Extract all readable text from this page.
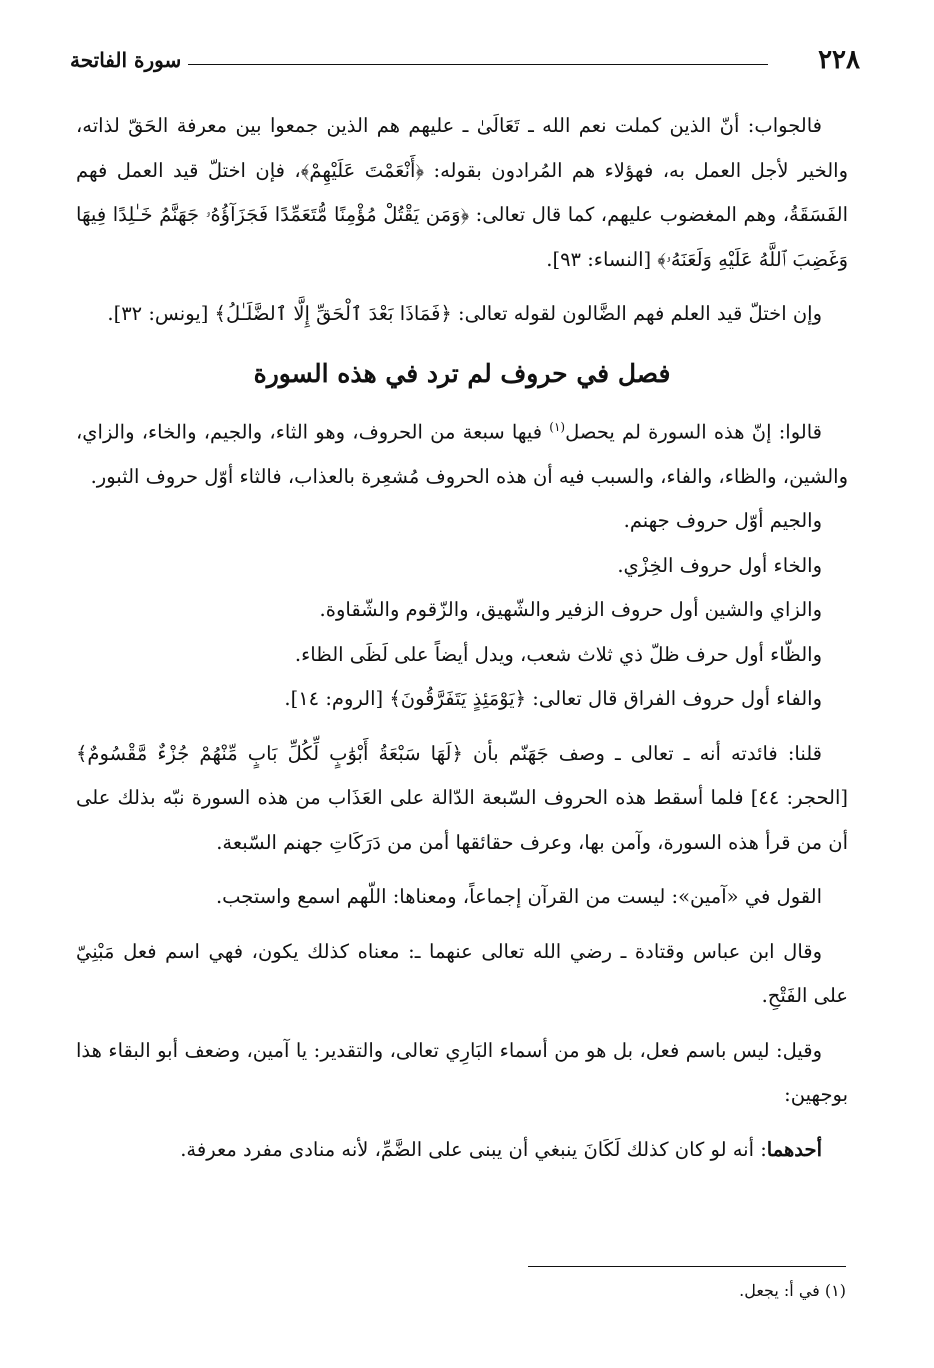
٢٢٨
سورة الفاتحة

فالجواب: أنّ الذين كملت نعم الله ـ تَعَالَىٰ ـ عليهم هم الذين جمعوا بين معرفة الحَقّ لذاته، والخير لأجل العمل به، فهؤلاء هم المُرادون بقوله: ﴿أَنْعَمْتَ عَلَيْهِمْ﴾، فإن اختلّ قيد العمل فهم الفَسَقَةُ، وهم المغضوب عليهم، كما قال تعالى: ﴿وَمَن يَقْتُلْ مُؤْمِنًا مُّتَعَمِّدًا فَجَزَآؤُهُۥ جَهَنَّمُ خَـٰلِدًا فِيهَا وَغَضِبَ ٱللَّهُ عَلَيْهِ وَلَعَنَهُۥ﴾ [النساء: ٩٣].

وإن اختلّ قيد العلم فهم الضَّالون لقوله تعالى: ﴿فَمَاذَا بَعْدَ ٱلْحَقِّ إِلَّا ٱلضَّلَـٰلُ﴾ [يونس: ٣٢].

فصل في حروف لم ترد في هذه السورة

قالوا: إنّ هذه السورة لم يحصل$^{(١)}$ فيها سبعة من الحروف، وهو الثاء، والجيم، والخاء، والزاي، والشين، والظاء، والفاء، والسبب فيه أن هذه الحروف مُشعِرة بالعذاب، فالثاء أوّل حروف الثبور.

والجيم أوّل حروف جهنم.

والخاء أول حروف الخِزْي.

والزاي والشين أول حروف الزفير والشّهيق، والزّقوم والشّقاوة.

والظّاء أول حرف ظلّ ذي ثلاث شعب، ويدل أيضاً على لَظَى الظاء.

والفاء أول حروف الفراق قال تعالى: ﴿يَوْمَئِذٍ يَتَفَرَّقُونَ﴾ [الروم: ١٤].

قلنا: فائدته أنه ـ تعالى ـ وصف جَهَنّم بأن ﴿لَهَا سَبْعَةُ أَبْوَٰبٍ لِّكُلِّ بَابٍ مِّنْهُمْ جُزْءٌ مَّقْسُومٌ﴾ [الحجر: ٤٤] فلما أسقط هذه الحروف السّبعة الدّالة على العَذَاب من هذه السورة نبّه بذلك على أن من قرأ هذه السورة، وآمن بها، وعرف حقائقها أمن من دَرَكَاتِ جهنم السّبعة.

القول في «آمين»: ليست من القرآن إجماعاً، ومعناها: اللّهم اسمع واستجب.

وقال ابن عباس وقتادة ـ رضي الله تعالى عنهما ـ: معناه كذلك يكون، فهي اسم فعل مَبْنِيّ على الفَتْحِ.

وقيل: ليس باسم فعل، بل هو من أسماء البَارِي تعالى، والتقدير: يا آمين، وضعف أبو البقاء هذا بوجهين:

أحدهما: أنه لو كان كذلك لَكَانَ ينبغي أن يبنى على الضَّمِّ، لأنه منادى مفرد معرفة.

(١) في أ: يجعل.
